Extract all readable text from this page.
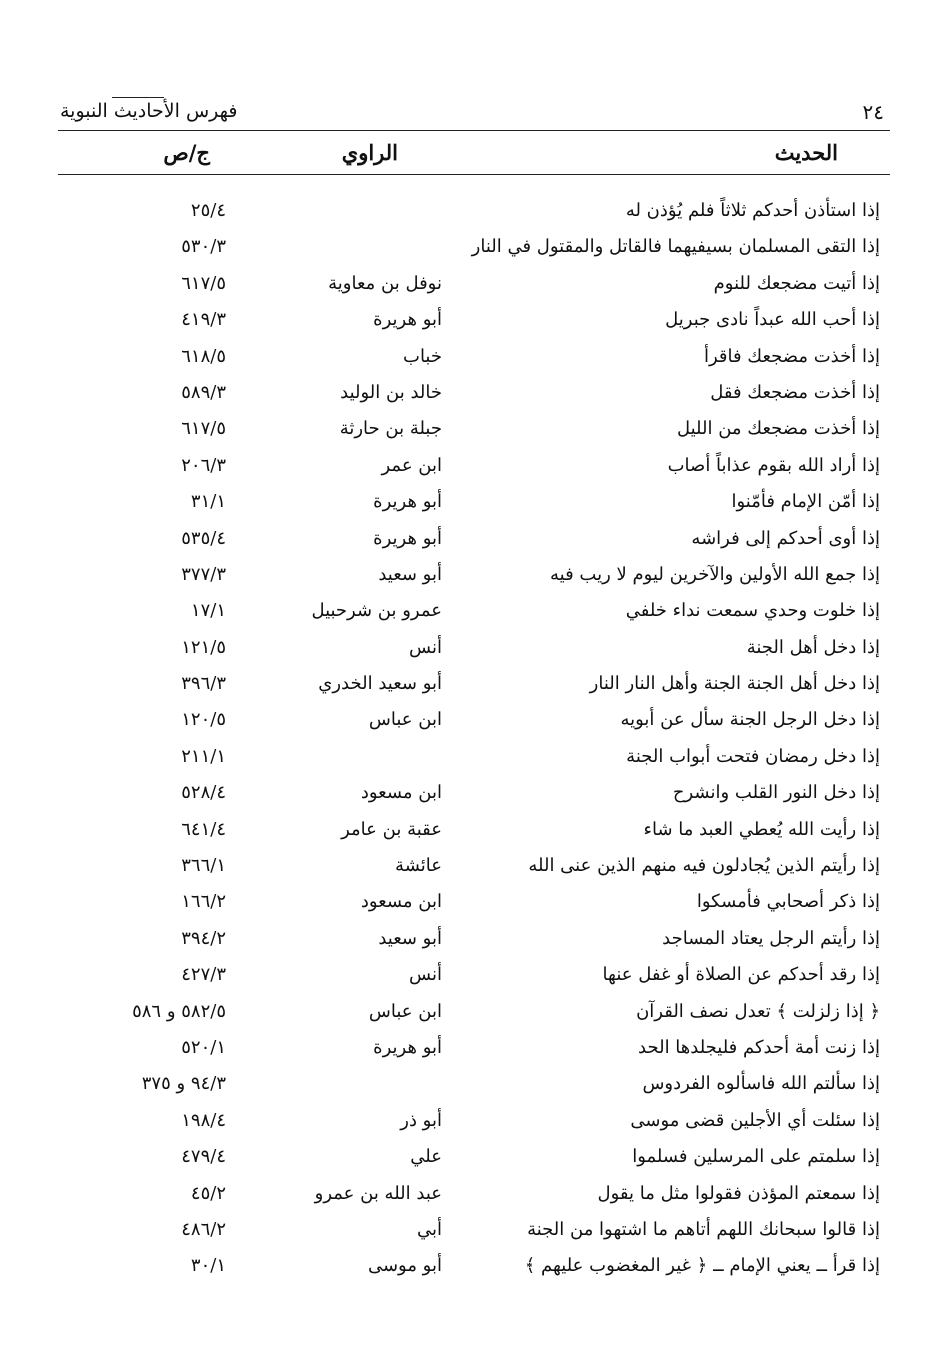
فهرس الأحاديث النبوية	٢٤
الحديث
الراوي
ج/ص
إذا استأذن أحدكم ثلاثاً فلم يُؤذن له
٢٥/٤
إذا التقى المسلمان بسيفيهما فالقاتل والمقتول في النار
٥٣٠/٣
إذا أتيت مضجعك للنوم
نوفل بن معاوية
٦١٧/٥
إذا أحب الله عبداً نادى جبريل
أبو هريرة
٤١٩/٣
إذا أخذت مضجعك فاقرأ
خباب
٦١٨/٥
إذا أخذت مضجعك فقل
خالد بن الوليد
٥٨٩/٣
إذا أخذت مضجعك من الليل
جبلة بن حارثة
٦١٧/٥
إذا أراد الله بقوم عذاباً أصاب
ابن عمر
٢٠٦/٣
إذا أمّن الإمام فأمّنوا
أبو هريرة
٣١/١
إذا أوى أحدكم إلى فراشه
أبو هريرة
٥٣٥/٤
إذا جمع الله الأولين والآخرين ليوم لا ريب فيه
أبو سعيد
٣٧٧/٣
إذا خلوت وحدي سمعت نداء خلفي
عمرو بن شرحبيل
١٧/١
إذا دخل أهل الجنة
أنس
١٢١/٥
إذا دخل أهل الجنة الجنة وأهل النار النار
أبو سعيد الخدري
٣٩٦/٣
إذا دخل الرجل الجنة سأل عن أبويه
ابن عباس
١٢٠/٥
إذا دخل رمضان فتحت أبواب الجنة
٢١١/١
إذا دخل النور القلب وانشرح
ابن مسعود
٥٢٨/٤
إذا رأيت الله يُعطي العبد ما شاء
عقبة بن عامر
٦٤١/٤
إذا رأيتم الذين يُجادلون فيه منهم الذين عنى الله
عائشة
٣٦٦/١
إذا ذكر أصحابي فأمسكوا
ابن مسعود
١٦٦/٢
إذا رأيتم الرجل يعتاد المساجد
أبو سعيد
٣٩٤/٢
إذا رقد أحدكم عن الصلاة أو غفل عنها
أنس
٤٢٧/٣
﴿ إذا زلزلت ﴾ تعدل نصف القرآن
ابن عباس
٥٨٢/٥ و ٥٨٦
إذا زنت أمة أحدكم فليجلدها الحد
أبو هريرة
٥٢٠/١
إذا سألتم الله فاسألوه الفردوس
٩٤/٣ و ٣٧٥
إذا سئلت أي الأجلين قضى موسى
أبو ذر
١٩٨/٤
إذا سلمتم على المرسلين فسلموا
علي
٤٧٩/٤
إذا سمعتم المؤذن فقولوا مثل ما يقول
عبد الله بن عمرو
٤٥/٢
إذا قالوا سبحانك اللهم أتاهم ما اشتهوا من الجنة
أبي
٤٨٦/٢
إذا قرأ ــ يعني الإمام ــ ﴿ غير المغضوب عليهم ﴾
أبو موسى
٣٠/١
